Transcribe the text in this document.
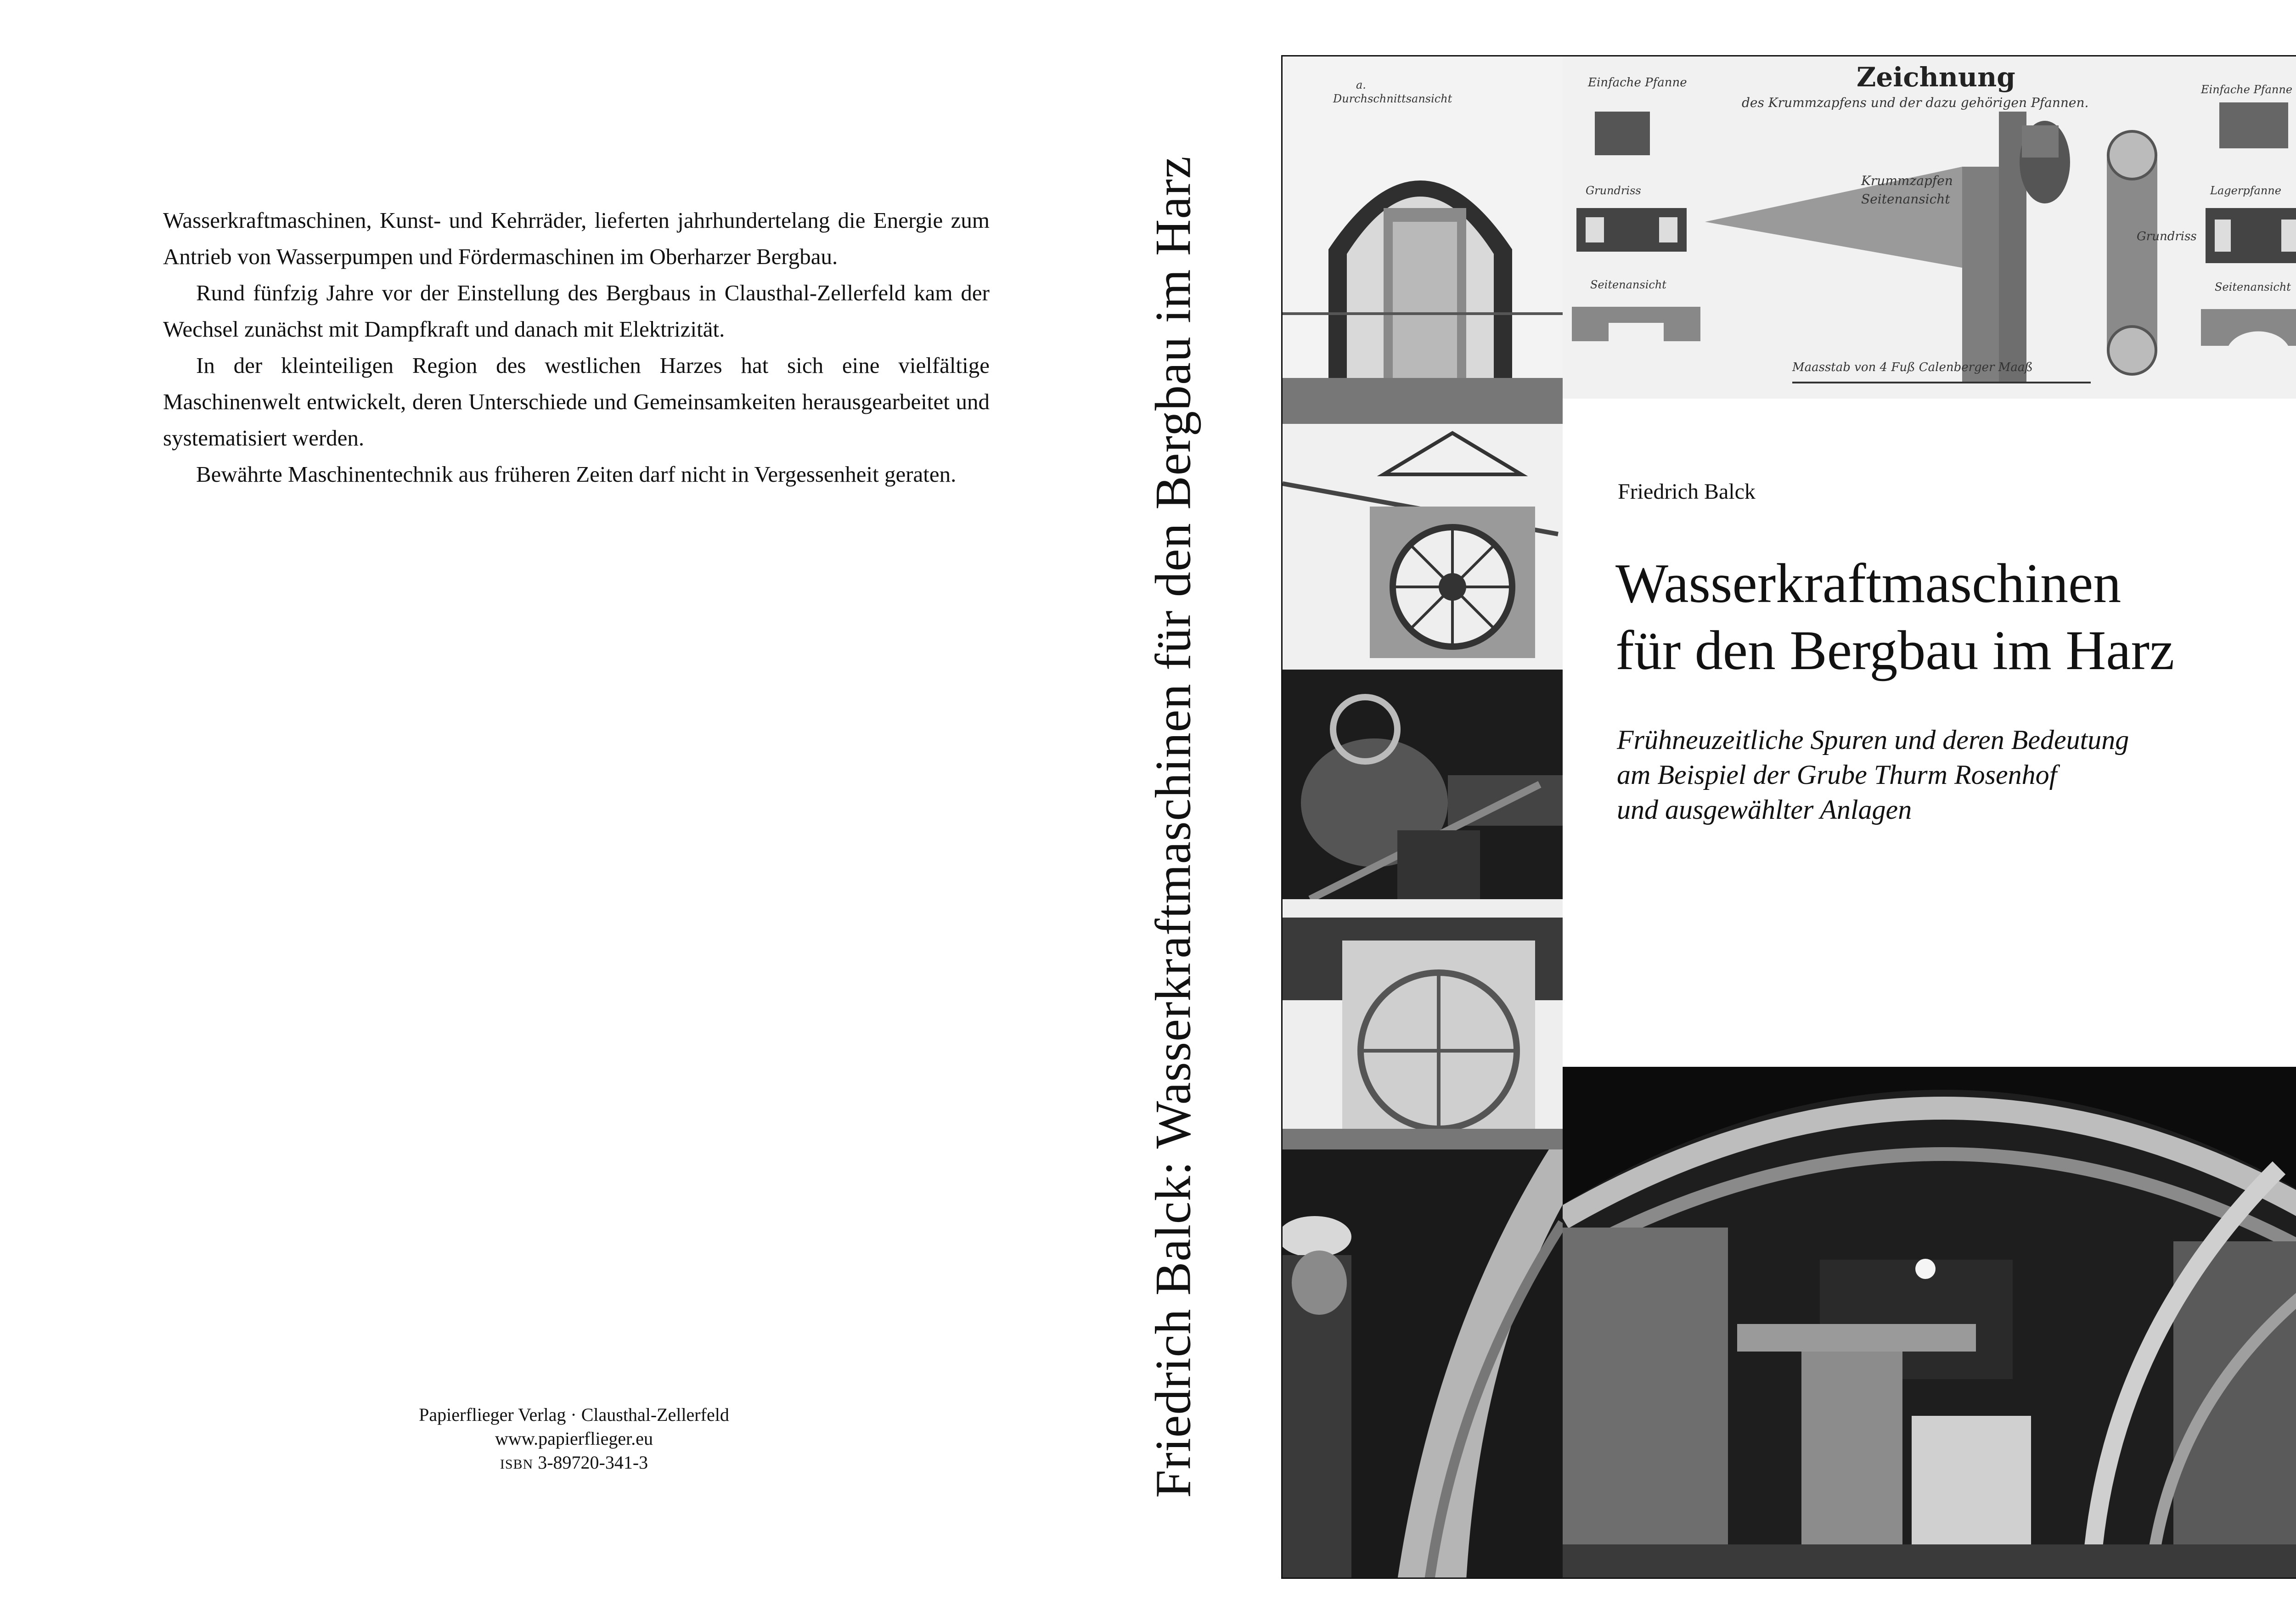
Wasserkraftmaschinen, Kunst- und Kehrräder, lieferten jahrhundertelang die Energie zum Antrieb von Wasserpumpen und Fördermaschinen im Oberharzer Bergbau.

Rund fünfzig Jahre vor der Einstellung des Bergbaus in Clausthal-Zellerfeld kam der Wechsel zunächst mit Dampfkraft und danach mit Elektrizität.

In der kleinteiligen Region des westlichen Harzes hat sich eine vielfältige Maschinenwelt entwickelt, deren Unterschiede und Gemeinsamkeiten herausgearbeitet und systematisiert werden.

Bewährte Maschinentechnik aus früheren Zeiten darf nicht in Vergessenheit geraten.

Papierflieger Verlag · Clausthal-Zellerfeld
www.papierflieger.eu
ISBN 3-89720-341-3	Friedrich Balck: Wasserkraftmaschinen für den Bergbau im Harz
Zeichnung
des Krummzapfens und der dazu gehörigen Pfannen.
Einfache Pfanne
Grundriss
Seitenansicht
Krummzapfen
Seitenansicht
Grundriss
Einfache Pfanne
Lagerpfanne
Seitenansicht
Maasstab von 4 Fuß Calenberger Maaß
a.
Durchschnittsansicht
Friedrich Balck
Wasserkraftmaschinen
für den Bergbau im Harz
Frühneuzeitliche Spuren und deren Bedeutung
am Beispiel der Grube Thurm Rosenhof
und ausgewählter Anlagen
